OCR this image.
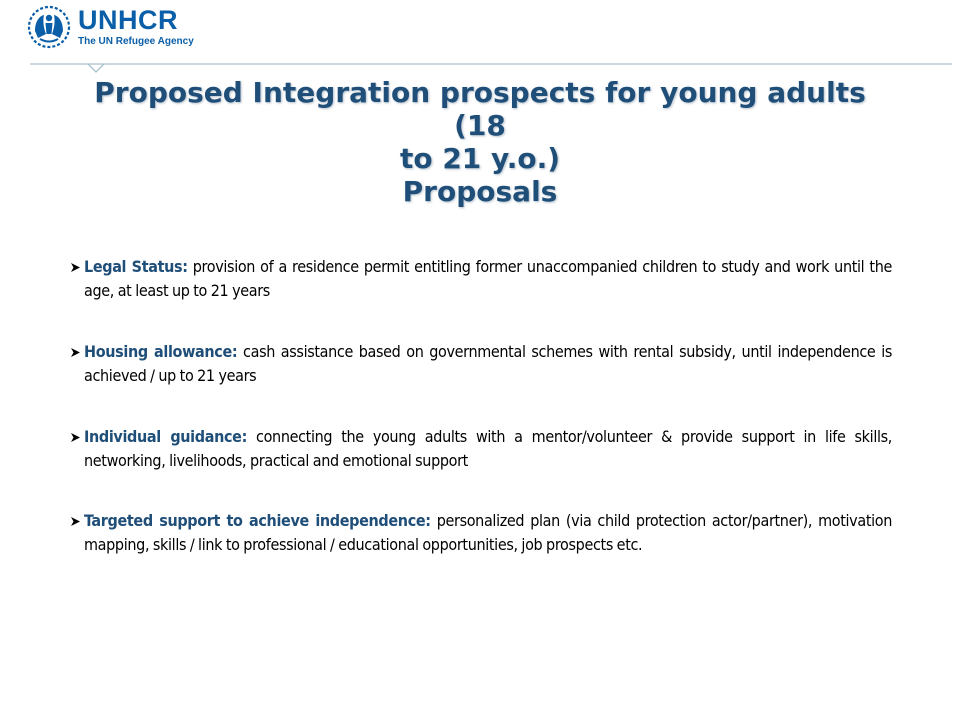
UNHCR
The UN Refugee Agency
Proposed Integration prospects for young adults (18
to 21 y.o.)
Proposals
Legal Status: provision of a residence permit entitling former unaccompanied children to study and work until the age, at least up to 21 years
Housing allowance: cash assistance based on governmental schemes with rental subsidy, until independence is achieved / up to 21 years
Individual guidance: connecting the young adults with a mentor/volunteer & provide support in life skills, networking, livelihoods, practical and emotional support
Targeted support to achieve independence: personalized plan (via child protection actor/partner), motivation mapping, skills / link to professional / educational opportunities, job prospects etc.
